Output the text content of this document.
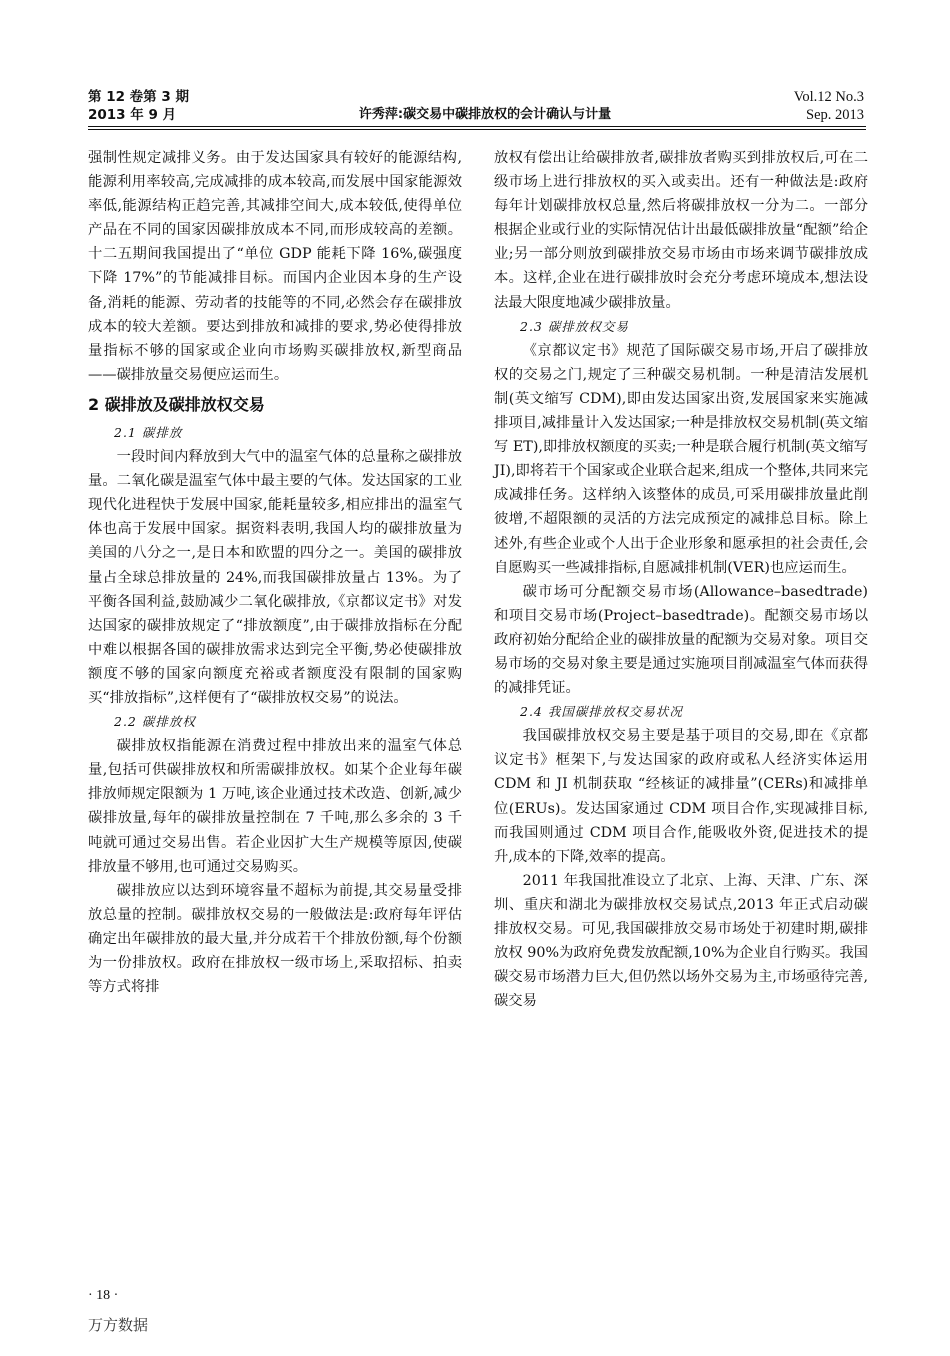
第 12 卷第 3 期
2013 年 9 月	许秀萍:碳交易中碳排放权的会计确认与计量
Vol.12 No.3
Sep. 2013

强制性规定减排义务。由于发达国家具有较好的能源结构,能源利用率较高,完成减排的成本较高,而发展中国家能源效率低,能源结构正趋完善,其减排空间大,成本较低,使得单位产品在不同的国家因碳排放成本不同,而形成较高的差额。十二五期间我国提出了“单位 GDP 能耗下降 16%,碳强度下降 17%”的节能减排目标。而国内企业因本身的生产设备,消耗的能源、劳动者的技能等的不同,必然会存在碳排放成本的较大差额。要达到排放和减排的要求,势必使得排放量指标不够的国家或企业向市场购买碳排放权,新型商品——碳排放量交易便应运而生。

2 碳排放及碳排放权交易
2.1 碳排放

一段时间内释放到大气中的温室气体的总量称之碳排放量。二氧化碳是温室气体中最主要的气体。发达国家的工业现代化进程快于发展中国家,能耗量较多,相应排出的温室气体也高于发展中国家。据资料表明,我国人均的碳排放量为美国的八分之一,是日本和欧盟的四分之一。美国的碳排放量占全球总排放量的 24%,而我国碳排放量占 13%。为了平衡各国利益,鼓励减少二氧化碳排放,《京都议定书》对发达国家的碳排放规定了“排放额度”,由于碳排放指标在分配中难以根据各国的碳排放需求达到完全平衡,势必使碳排放额度不够的国家向额度充裕或者额度没有限制的国家购买“排放指标”,这样便有了“碳排放权交易”的说法。

2.2 碳排放权

碳排放权指能源在消费过程中排放出来的温室气体总量,包括可供碳排放权和所需碳排放权。如某个企业每年碳排放师规定限额为 1 万吨,该企业通过技术改造、创新,减少碳排放量,每年的碳排放量控制在 7 千吨,那么多余的 3 千吨就可通过交易出售。若企业因扩大生产规模等原因,使碳排放量不够用,也可通过交易购买。

碳排放应以达到环境容量不超标为前提,其交易量受排放总量的控制。碳排放权交易的一般做法是:政府每年评估确定出年碳排放的最大量,并分成若干个排放份额,每个份额为一份排放权。政府在排放权一级市场上,采取招标、拍卖等方式将排

放权有偿出让给碳排放者,碳排放者购买到排放权后,可在二级市场上进行排放权的买入或卖出。还有一种做法是:政府每年计划碳排放权总量,然后将碳排放权一分为二。一部分根据企业或行业的实际情况估计出最低碳排放量“配额”给企业;另一部分则放到碳排放交易市场由市场来调节碳排放成本。这样,企业在进行碳排放时会充分考虑环境成本,想法设法最大限度地减少碳排放量。

2.3 碳排放权交易

《京都议定书》规范了国际碳交易市场,开启了碳排放权的交易之门,规定了三种碳交易机制。一种是清洁发展机制(英文缩写 CDM),即由发达国家出资,发展国家来实施减排项目,减排量计入发达国家;一种是排放权交易机制(英文缩写 ET),即排放权额度的买卖;一种是联合履行机制(英文缩写 JI),即将若干个国家或企业联合起来,组成一个整体,共同来完成减排任务。这样纳入该整体的成员,可采用碳排放量此削彼增,不超限额的灵活的方法完成预定的减排总目标。除上述外,有些企业或个人出于企业形象和愿承担的社会责任,会自愿购买一些减排指标,自愿减排机制(VER)也应运而生。

碳市场可分配额交易市场(Allowance–basedtrade)和项目交易市场(Project–basedtrade)。配额交易市场以政府初始分配给企业的碳排放量的配额为交易对象。项目交易市场的交易对象主要是通过实施项目削减温室气体而获得的减排凭证。

2.4 我国碳排放权交易状况

我国碳排放权交易主要是基于项目的交易,即在《京都议定书》框架下,与发达国家的政府或私人经济实体运用 CDM 和 JI 机制获取 “经核证的减排量”(CERs)和减排单位(ERUs)。发达国家通过 CDM 项目合作,实现减排目标,而我国则通过 CDM 项目合作,能吸收外资,促进技术的提升,成本的下降,效率的提高。

2011 年我国批准设立了北京、上海、天津、广东、深圳、重庆和湖北为碳排放权交易试点,2013 年正式启动碳排放权交易。可见,我国碳排放交易市场处于初建时期,碳排放权 90%为政府免费发放配额,10%为企业自行购买。我国碳交易市场潜力巨大,但仍然以场外交易为主,市场亟待完善,碳交易

· 18 ·
万方数据
